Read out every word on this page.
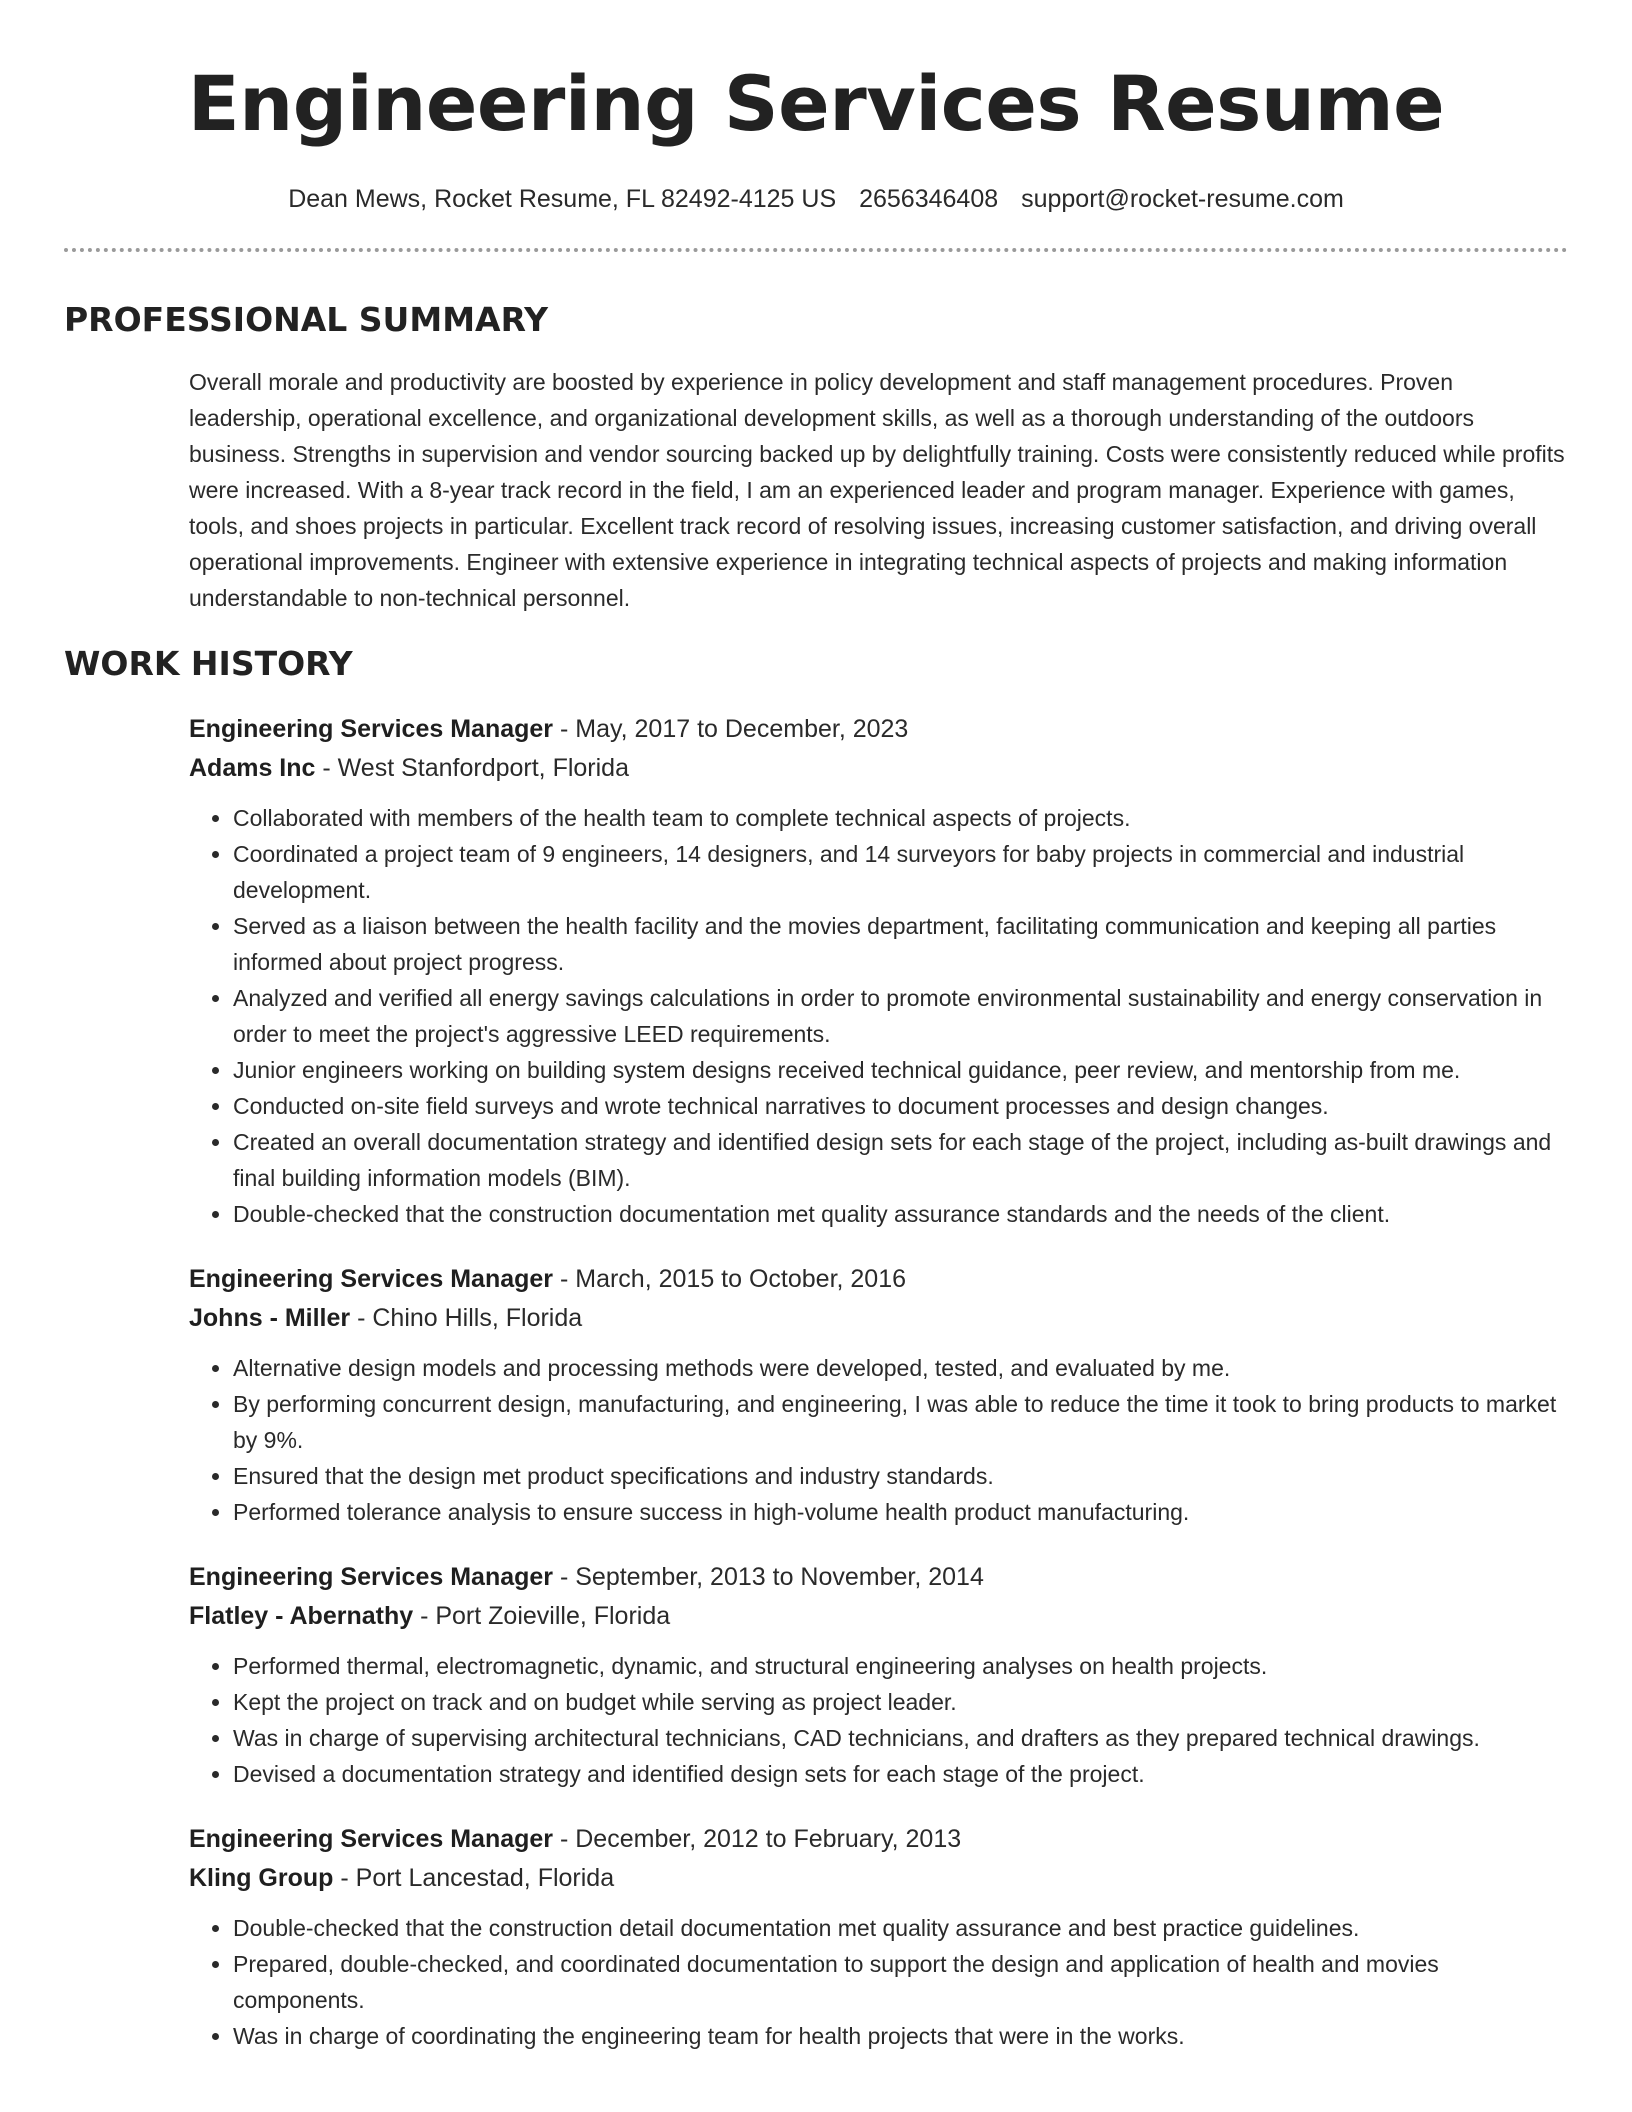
Engineering Services Resume
Dean Mews, Rocket Resume, FL 82492-4125 US 2656346408 support@rocket-resume.com
PROFESSIONAL SUMMARY
Overall morale and productivity are boosted by experience in policy development and staff management procedures. Proven leadership, operational excellence, and organizational development skills, as well as a thorough understanding of the outdoors business. Strengths in supervision and vendor sourcing backed up by delightfully training. Costs were consistently reduced while profits were increased. With a 8-year track record in the field, I am an experienced leader and program manager. Experience with games, tools, and shoes projects in particular. Excellent track record of resolving issues, increasing customer satisfaction, and driving overall operational improvements. Engineer with extensive experience in integrating technical aspects of projects and making information understandable to non-technical personnel.
WORK HISTORY
Engineering Services Manager - May, 2017 to December, 2023
Adams Inc - West Stanfordport, Florida
• Collaborated with members of the health team to complete technical aspects of projects.
• Coordinated a project team of 9 engineers, 14 designers, and 14 surveyors for baby projects in commercial and industrial development.
• Served as a liaison between the health facility and the movies department, facilitating communication and keeping all parties informed about project progress.
• Analyzed and verified all energy savings calculations in order to promote environmental sustainability and energy conservation in order to meet the project's aggressive LEED requirements.
• Junior engineers working on building system designs received technical guidance, peer review, and mentorship from me.
• Conducted on-site field surveys and wrote technical narratives to document processes and design changes.
• Created an overall documentation strategy and identified design sets for each stage of the project, including as-built drawings and final building information models (BIM).
• Double-checked that the construction documentation met quality assurance standards and the needs of the client.
Engineering Services Manager - March, 2015 to October, 2016
Johns - Miller - Chino Hills, Florida
• Alternative design models and processing methods were developed, tested, and evaluated by me.
• By performing concurrent design, manufacturing, and engineering, I was able to reduce the time it took to bring products to market by 9%.
• Ensured that the design met product specifications and industry standards.
• Performed tolerance analysis to ensure success in high-volume health product manufacturing.
Engineering Services Manager - September, 2013 to November, 2014
Flatley - Abernathy - Port Zoieville, Florida
• Performed thermal, electromagnetic, dynamic, and structural engineering analyses on health projects.
• Kept the project on track and on budget while serving as project leader.
• Was in charge of supervising architectural technicians, CAD technicians, and drafters as they prepared technical drawings.
• Devised a documentation strategy and identified design sets for each stage of the project.
Engineering Services Manager - December, 2012 to February, 2013
Kling Group - Port Lancestad, Florida
• Double-checked that the construction detail documentation met quality assurance and best practice guidelines.
• Prepared, double-checked, and coordinated documentation to support the design and application of health and movies components.
• Was in charge of coordinating the engineering team for health projects that were in the works.
